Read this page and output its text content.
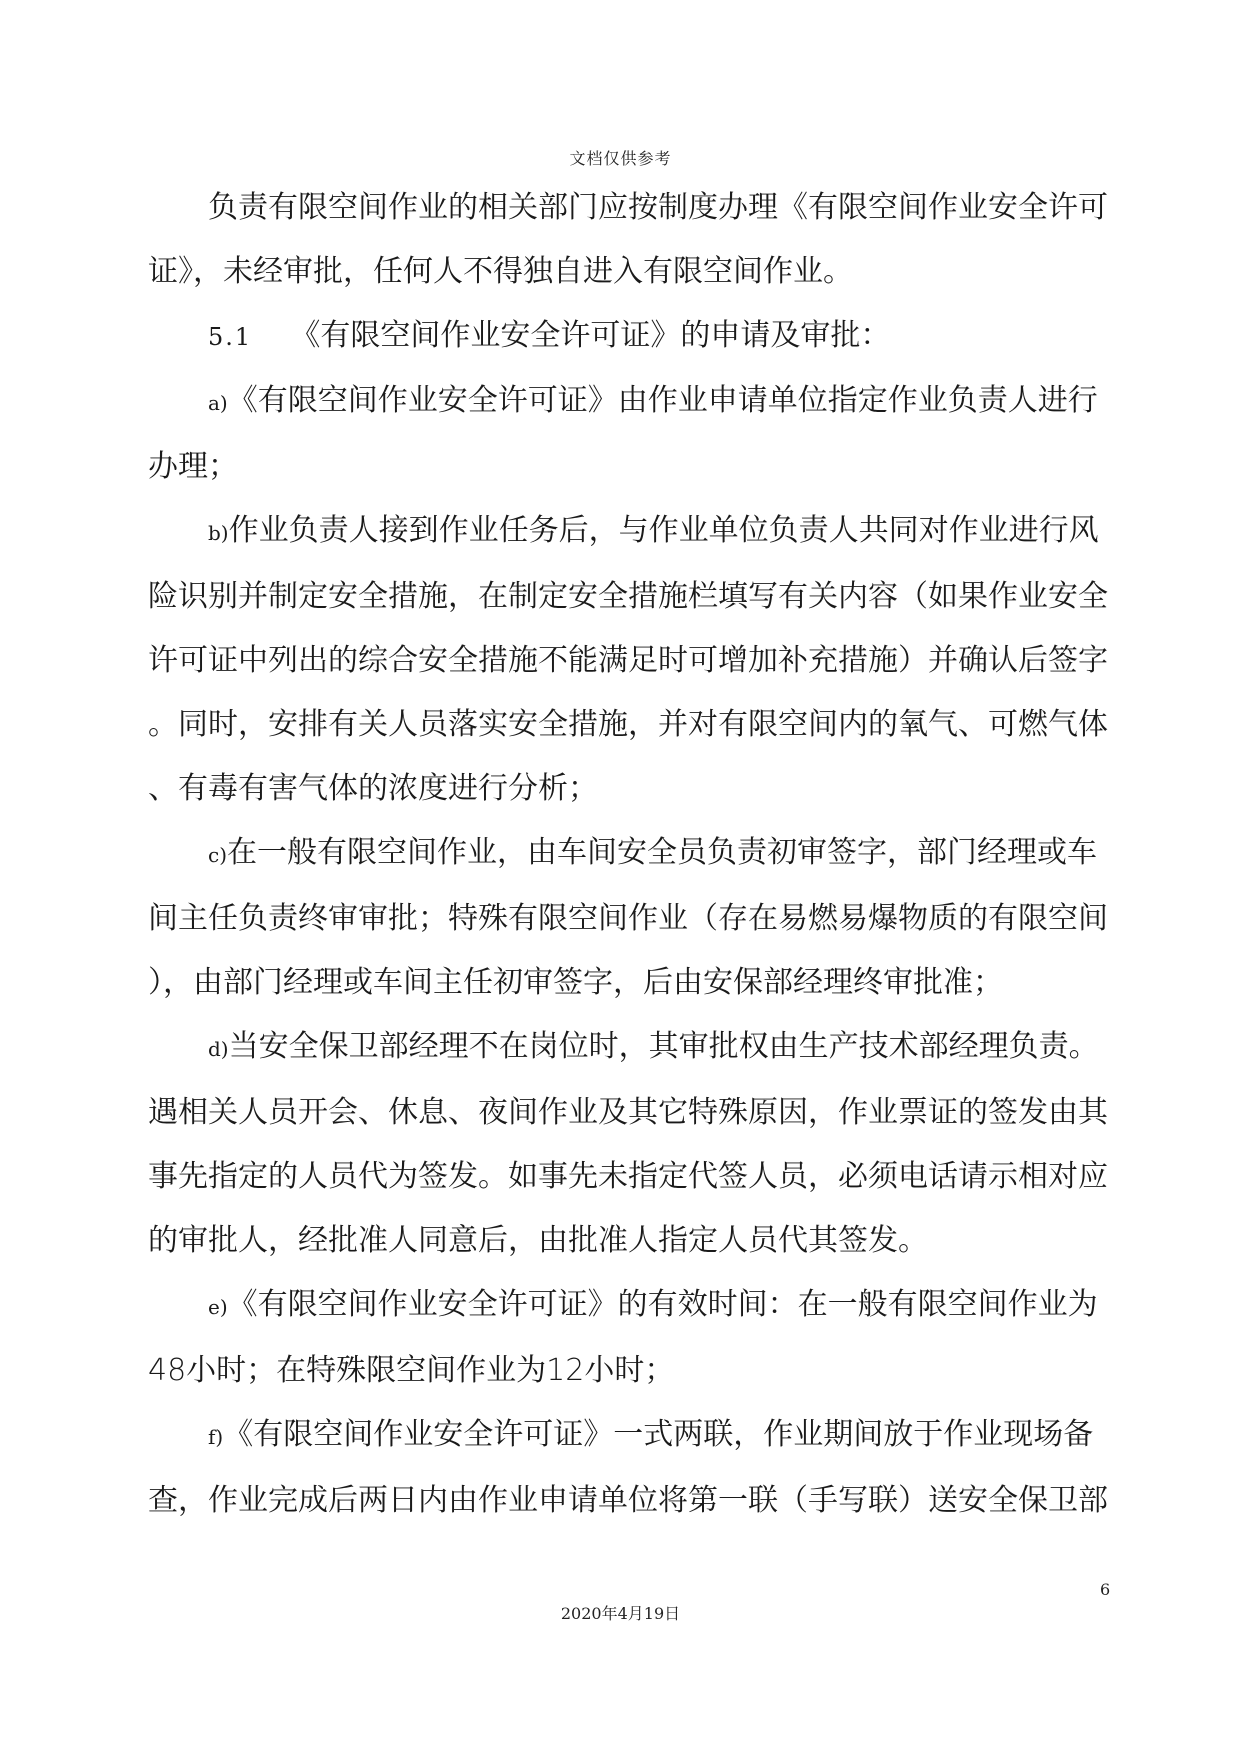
文档仅供参考

负责有限空间作业的相关部门应按制度办理《有限空间作业安全许可
证》，未经审批，任何人不得独自进入有限空间作业。

5.1 《有限空间作业安全许可证》的申请及审批：

a)《有限空间作业安全许可证》由作业申请单位指定作业负责人进行
办理；

b)作业负责人接到作业任务后，与作业单位负责人共同对作业进行风
险识别并制定安全措施，在制定安全措施栏填写有关内容（如果作业安全
许可证中列出的综合安全措施不能满足时可增加补充措施）并确认后签字
。同时，安排有关人员落实安全措施，并对有限空间内的氧气、可燃气体
、有毒有害气体的浓度进行分析；

c)在一般有限空间作业，由车间安全员负责初审签字，部门经理或车
间主任负责终审审批；特殊有限空间作业（存在易燃易爆物质的有限空间
），由部门经理或车间主任初审签字，后由安保部经理终审批准；

d)当安全保卫部经理不在岗位时，其审批权由生产技术部经理负责。
遇相关人员开会、休息、夜间作业及其它特殊原因，作业票证的签发由其
事先指定的人员代为签发。如事先未指定代签人员，必须电话请示相对应
的审批人，经批准人同意后，由批准人指定人员代其签发。

e)《有限空间作业安全许可证》的有效时间：在一般有限空间作业为
48小时；在特殊限空间作业为12小时；

f)《有限空间作业安全许可证》一式两联，作业期间放于作业现场备
查，作业完成后两日内由作业申请单位将第一联（手写联）送安全保卫部

6
2020年4月19日
